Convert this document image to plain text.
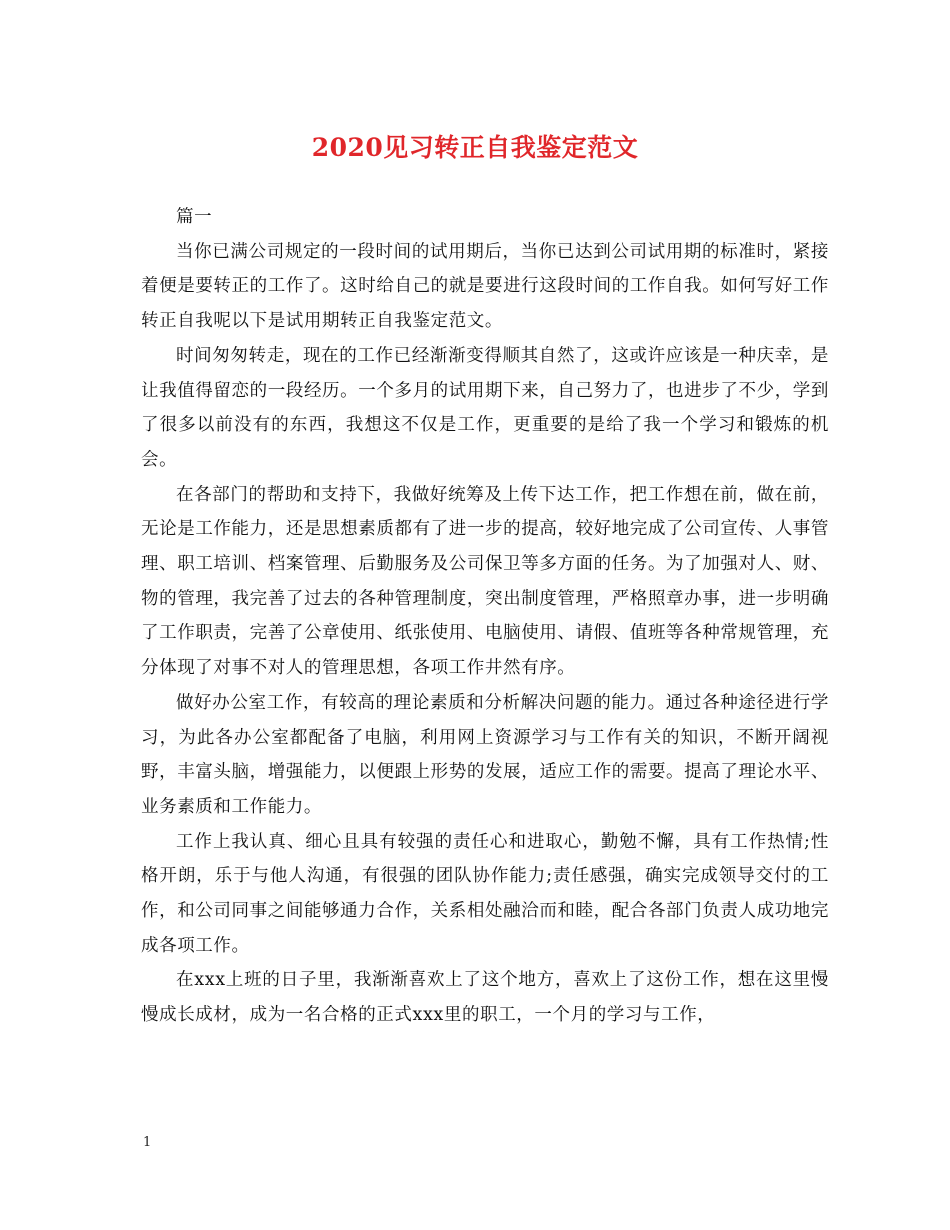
2020见习转正自我鉴定范文

篇一

当你已满公司规定的一段时间的试用期后，当你已达到公司试用期的标准时，紧接着便是要转正的工作了。这时给自己的就是要进行这段时间的工作自我。如何写好工作转正自我呢以下是试用期转正自我鉴定范文。

时间匆匆转走，现在的工作已经渐渐变得顺其自然了，这或许应该是一种庆幸，是让我值得留恋的一段经历。一个多月的试用期下来，自己努力了，也进步了不少，学到了很多以前没有的东西，我想这不仅是工作，更重要的是给了我一个学习和锻炼的机会。

在各部门的帮助和支持下，我做好统筹及上传下达工作，把工作想在前，做在前，无论是工作能力，还是思想素质都有了进一步的提高，较好地完成了公司宣传、人事管理、职工培训、档案管理、后勤服务及公司保卫等多方面的任务。为了加强对人、财、物的管理，我完善了过去的各种管理制度，突出制度管理，严格照章办事，进一步明确了工作职责，完善了公章使用、纸张使用、电脑使用、请假、值班等各种常规管理，充分体现了对事不对人的管理思想，各项工作井然有序。

做好办公室工作，有较高的理论素质和分析解决问题的能力。通过各种途径进行学习，为此各办公室都配备了电脑，利用网上资源学习与工作有关的知识，不断开阔视野，丰富头脑，增强能力，以便跟上形势的发展，适应工作的需要。提高了理论水平、业务素质和工作能力。

工作上我认真、细心且具有较强的责任心和进取心，勤勉不懈，具有工作热情;性格开朗，乐于与他人沟通，有很强的团队协作能力;责任感强，确实完成领导交付的工作，和公司同事之间能够通力合作，关系相处融洽而和睦，配合各部门负责人成功地完成各项工作。

在xxx上班的日子里，我渐渐喜欢上了这个地方，喜欢上了这份工作，想在这里慢慢成长成材，成为一名合格的正式xxx里的职工，一个月的学习与工作，

1
